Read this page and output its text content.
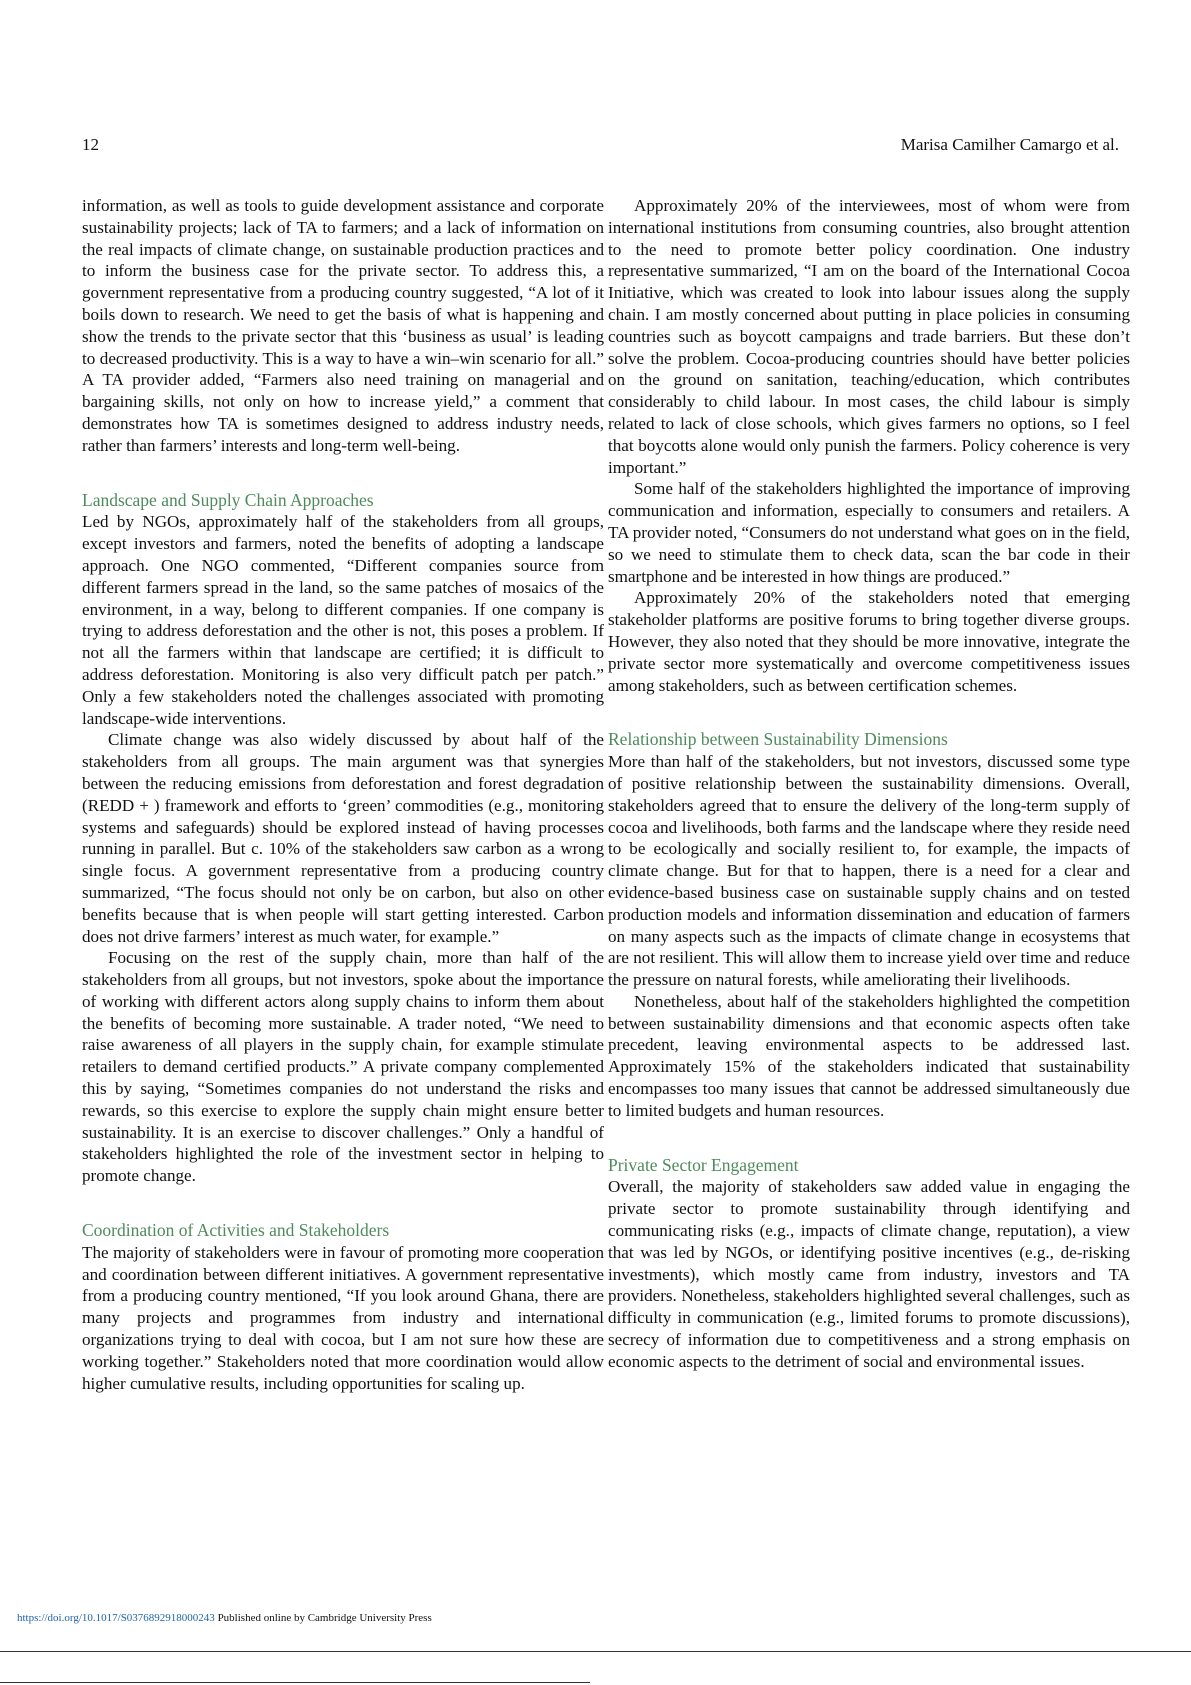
12	Marisa Camilher Camargo et al.

information, as well as tools to guide development assistance and corporate sustainability projects; lack of TA to farmers; and a lack of information on the real impacts of climate change, on sustainable production practices and to inform the business case for the private sector. To address this, a government representative from a producing country suggested, “A lot of it boils down to research. We need to get the basis of what is happening and show the trends to the private sector that this ‘business as usual’ is leading to decreased productivity. This is a way to have a win–win scenario for all.” A TA provider added, “Farmers also need training on managerial and bargaining skills, not only on how to increase yield,” a comment that demonstrates how TA is sometimes designed to address industry needs, rather than farmers’ interests and long-term well-being.

Landscape and Supply Chain Approaches

Led by NGOs, approximately half of the stakeholders from all groups, except investors and farmers, noted the benefits of adopting a landscape approach. One NGO commented, “Different companies source from different farmers spread in the land, so the same patches of mosaics of the environment, in a way, belong to different companies. If one company is trying to address deforestation and the other is not, this poses a problem. If not all the farmers within that landscape are certified; it is difficult to address deforestation. Monitoring is also very difficult patch per patch.” Only a few stakeholders noted the challenges associated with promoting landscape-wide interventions.

Climate change was also widely discussed by about half of the stakeholders from all groups. The main argument was that synergies between the reducing emissions from deforestation and forest degradation (REDD + ) framework and efforts to ‘green’ commodities (e.g., monitoring systems and safeguards) should be explored instead of having processes running in parallel. But c. 10% of the stakeholders saw carbon as a wrong single focus. A government representative from a producing country summarized, “The focus should not only be on carbon, but also on other benefits because that is when people will start getting interested. Carbon does not drive farmers’ interest as much water, for example.”

Focusing on the rest of the supply chain, more than half of the stakeholders from all groups, but not investors, spoke about the importance of working with different actors along supply chains to inform them about the benefits of becoming more sustainable. A trader noted, “We need to raise awareness of all players in the supply chain, for example stimulate retailers to demand certified products.” A private company complemented this by saying, “Sometimes companies do not understand the risks and rewards, so this exercise to explore the supply chain might ensure better sustainability. It is an exercise to discover challenges.” Only a handful of stakeholders highlighted the role of the investment sector in helping to promote change.

Coordination of Activities and Stakeholders

The majority of stakeholders were in favour of promoting more cooperation and coordination between different initiatives. A government representative from a producing country mentioned, “If you look around Ghana, there are many projects and programmes from industry and international organizations trying to deal with cocoa, but I am not sure how these are working together.” Stakeholders noted that more coordination would allow higher cumulative results, including opportunities for scaling up.

Approximately 20% of the interviewees, most of whom were from international institutions from consuming countries, also brought attention to the need to promote better policy coordination. One industry representative summarized, “I am on the board of the International Cocoa Initiative, which was created to look into labour issues along the supply chain. I am mostly concerned about putting in place policies in consuming countries such as boycott campaigns and trade barriers. But these don’t solve the problem. Cocoa-producing countries should have better policies on the ground on sanitation, teaching/education, which contributes considerably to child labour. In most cases, the child labour is simply related to lack of close schools, which gives farmers no options, so I feel that boycotts alone would only punish the farmers. Policy coherence is very important.”

Some half of the stakeholders highlighted the importance of improving communication and information, especially to consumers and retailers. A TA provider noted, “Consumers do not understand what goes on in the field, so we need to stimulate them to check data, scan the bar code in their smartphone and be interested in how things are produced.”

Approximately 20% of the stakeholders noted that emerging stakeholder platforms are positive forums to bring together diverse groups. However, they also noted that they should be more innovative, integrate the private sector more systematically and overcome competitiveness issues among stakeholders, such as between certification schemes.

Relationship between Sustainability Dimensions

More than half of the stakeholders, but not investors, discussed some type of positive relationship between the sustainability dimensions. Overall, stakeholders agreed that to ensure the delivery of the long-term supply of cocoa and livelihoods, both farms and the landscape where they reside need to be ecologically and socially resilient to, for example, the impacts of climate change. But for that to happen, there is a need for a clear and evidence-based business case on sustainable supply chains and on tested production models and information dissemination and education of farmers on many aspects such as the impacts of climate change in ecosystems that are not resilient. This will allow them to increase yield over time and reduce the pressure on natural forests, while ameliorating their livelihoods.

Nonetheless, about half of the stakeholders highlighted the competition between sustainability dimensions and that economic aspects often take precedent, leaving environmental aspects to be addressed last. Approximately 15% of the stakeholders indicated that sustainability encompasses too many issues that cannot be addressed simultaneously due to limited budgets and human resources.

Private Sector Engagement

Overall, the majority of stakeholders saw added value in engaging the private sector to promote sustainability through identifying and communicating risks (e.g., impacts of climate change, reputation), a view that was led by NGOs, or identifying positive incentives (e.g., de-risking investments), which mostly came from industry, investors and TA providers. Nonetheless, stakeholders highlighted several challenges, such as difficulty in communication (e.g., limited forums to promote discussions), secrecy of information due to competitiveness and a strong emphasis on economic aspects to the detriment of social and environmental issues.

https://doi.org/10.1017/S0376892918000243 Published online by Cambridge University Press
